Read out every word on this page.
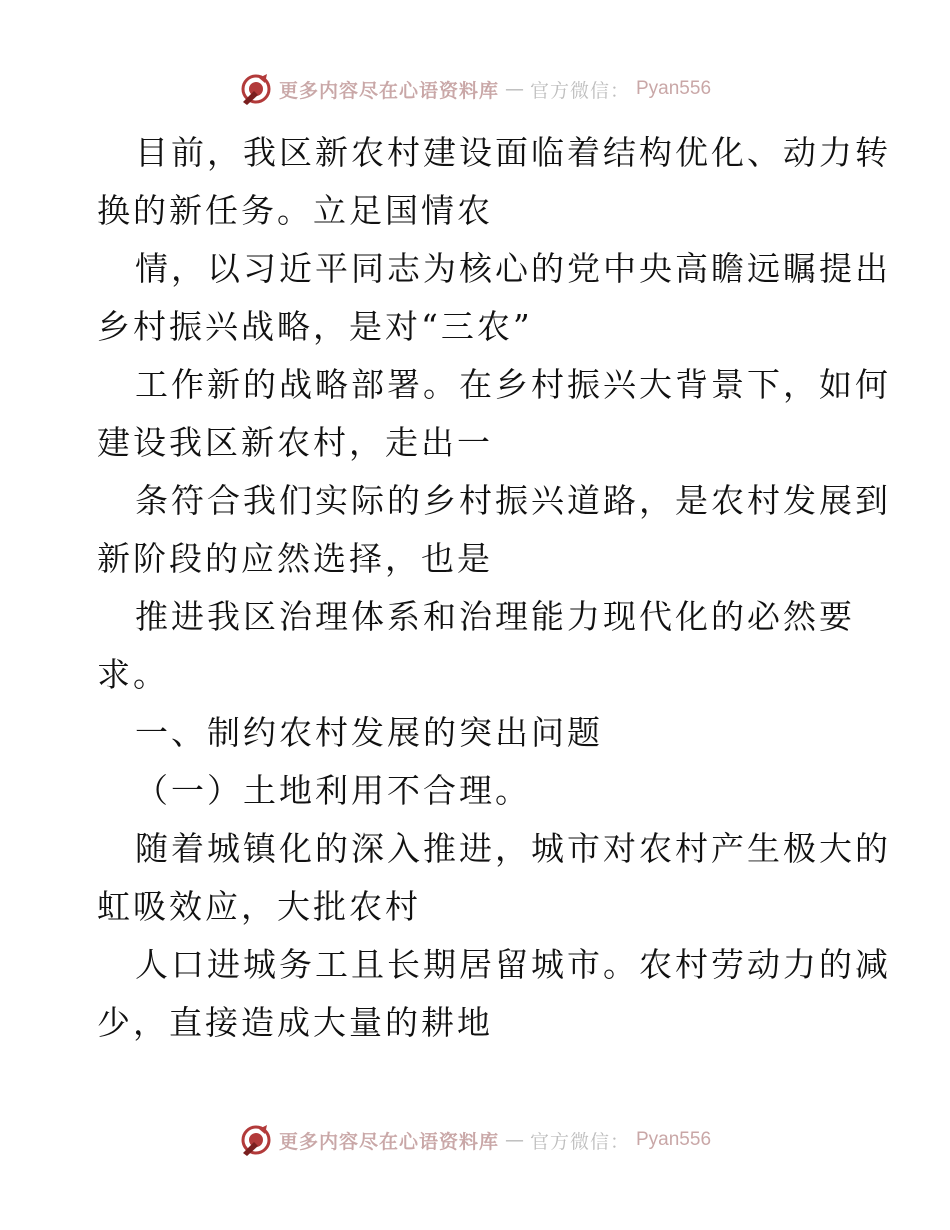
更多内容尽在心语资料库 — 官方微信： Pyan556
目前，我区新农村建设面临着结构优化、动力转
换的新任务。立足国情农
情，以习近平同志为核心的党中央高瞻远瞩提出
乡村振兴战略，是对“三农”
工作新的战略部署。在乡村振兴大背景下，如何
建设我区新农村，走出一
条符合我们实际的乡村振兴道路，是农村发展到
新阶段的应然选择，也是
推进我区治理体系和治理能力现代化的必然要
求。
一、制约农村发展的突出问题
（一）土地利用不合理。
随着城镇化的深入推进，城市对农村产生极大的
虹吸效应，大批农村
人口进城务工且长期居留城市。农村劳动力的减
少，直接造成大量的耕地
更多内容尽在心语资料库 — 官方微信： Pyan556
